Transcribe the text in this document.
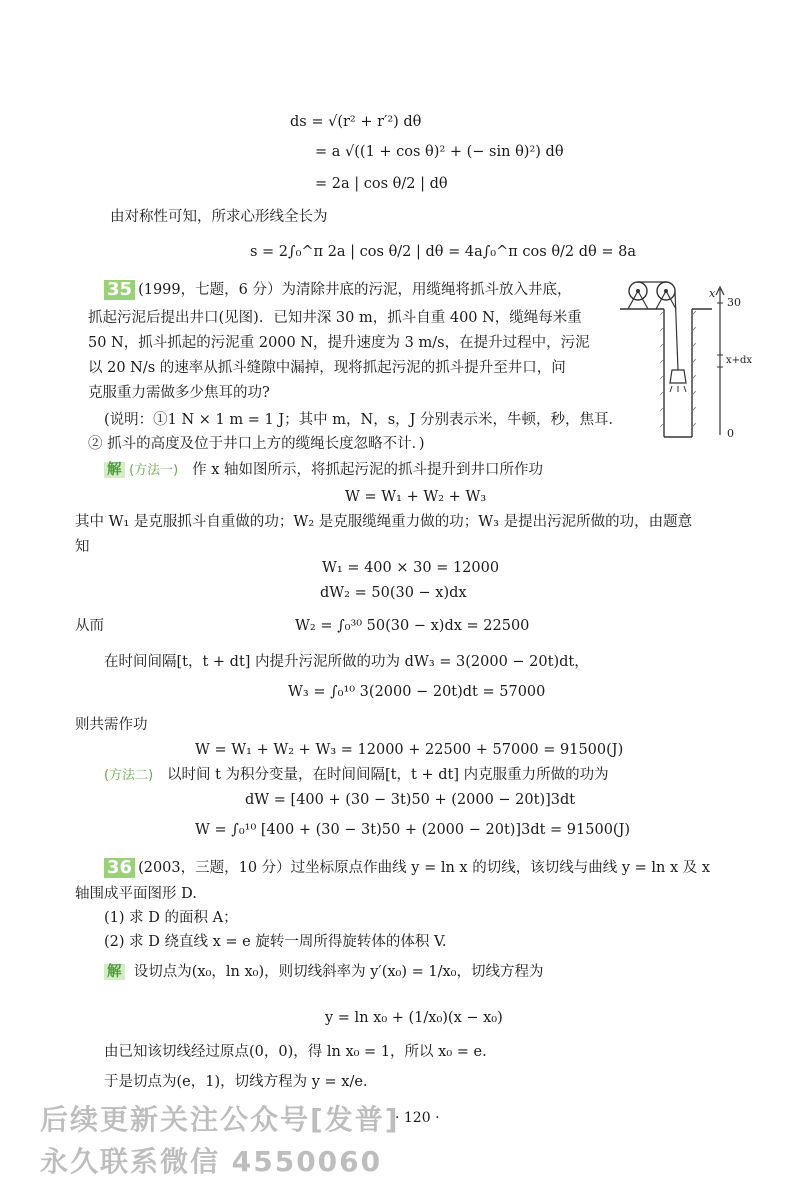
ds = √(r² + r′²) dθ
= a √((1 + cos θ)² + (− sin θ)²) dθ
= 2a | cos θ/2 | dθ
由对称性可知，所求心形线全长为
s = 2∫₀^π 2a | cos θ/2 | dθ = 4a∫₀^π cos θ/2 dθ = 8a
35 (1999，七题，6 分）为清除井底的污泥，用缆绳将抓斗放入井底，
抓起污泥后提出井口(见图)．已知井深 30 m，抓斗自重 400 N，缆绳每米重
50 N，抓斗抓起的污泥重 2000 N，提升速度为 3 m/s，在提升过程中，污泥
以 20 N/s 的速率从抓斗缝隙中漏掉，现将抓起污泥的抓斗提升至井口，问
克服重力需做多少焦耳的功?
(说明：①1 N × 1 m = 1 J；其中 m，N，s，J 分别表示米，牛顿，秒，焦耳．
② 抓斗的高度及位于井口上方的缆绳长度忽略不计．)
x
30
x+dx
0
解 (方法一) 作 x 轴如图所示，将抓起污泥的抓斗提升到井口所作功
W = W₁ + W₂ + W₃
其中 W₁ 是克服抓斗自重做的功；W₂ 是克服缆绳重力做的功；W₃ 是提出污泥所做的功，由题意
知
W₁ = 400 × 30 = 12000
dW₂ = 50(30 − x)dx
从而	W₂ = ∫₀³⁰ 50(30 − x)dx = 22500
在时间间隔[t，t + dt] 内提升污泥所做的功为 dW₃ = 3(2000 − 20t)dt，
W₃ = ∫₀¹⁰ 3(2000 − 20t)dt = 57000
则共需作功
W = W₁ + W₂ + W₃ = 12000 + 22500 + 57000 = 91500(J)
(方法二) 以时间 t 为积分变量，在时间间隔[t，t + dt] 内克服重力所做的功为
dW = [400 + (30 − 3t)50 + (2000 − 20t)]3dt
W = ∫₀¹⁰ [400 + (30 − 3t)50 + (2000 − 20t)]3dt = 91500(J)
36 (2003，三题，10 分）过坐标原点作曲线 y = ln x 的切线，该切线与曲线 y = ln x 及 x
轴围成平面图形 D.
(1) 求 D 的面积 A；
(2) 求 D 绕直线 x = e 旋转一周所得旋转体的体积 V.
解 设切点为(x₀，ln x₀)，则切线斜率为 y′(x₀) = 1/x₀，切线方程为
y = ln x₀ + (1/x₀)(x − x₀)
由已知该切线经过原点(0，0)，得 ln x₀ = 1，所以 x₀ = e.
于是切点为(e，1)，切线方程为 y = x/e.
· 120 ·
后续更新关注公众号[发普]
永久联系微信 4550060
